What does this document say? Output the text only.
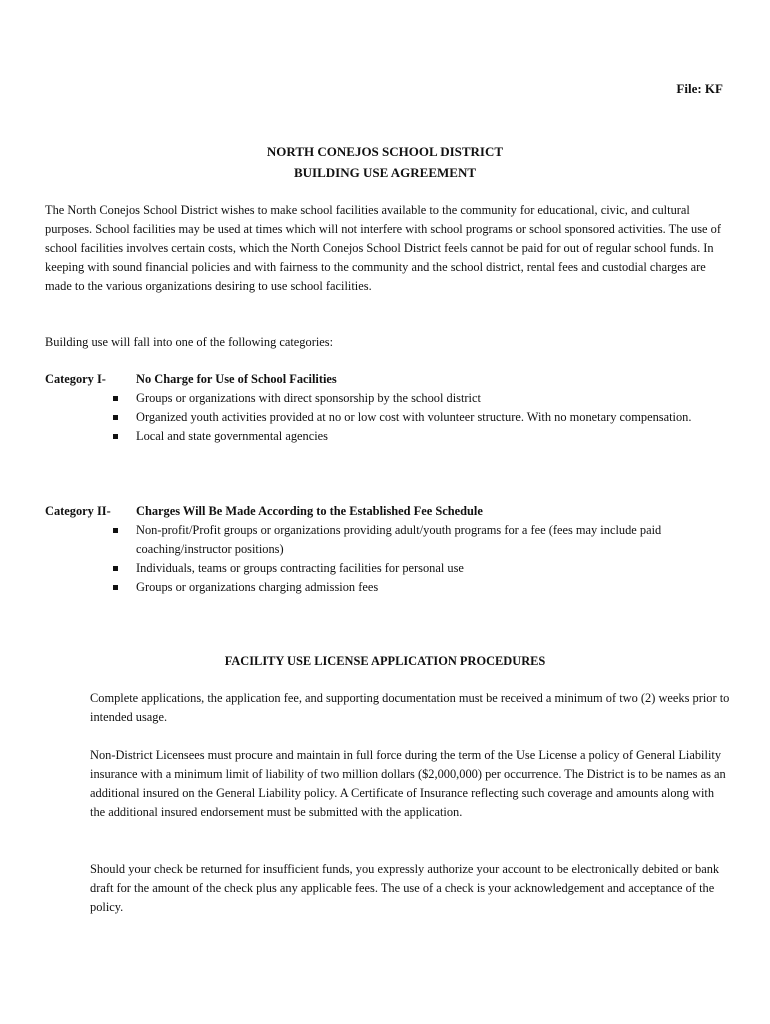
File: KF
NORTH CONEJOS SCHOOL DISTRICT
BUILDING USE AGREEMENT

The North Conejos School District wishes to make school facilities available to the community for educational, civic, and cultural purposes. School facilities may be used at times which will not interfere with school programs or school sponsored activities. The use of school facilities involves certain costs, which the North Conejos School District feels cannot be paid for out of regular school funds. In keeping with sound financial policies and with fairness to the community and the school district, rental fees and custodial charges are made to the various organizations desiring to use school facilities.

Building use will fall into one of the following categories:

Category I- No Charge for Use of School Facilities
Groups or organizations with direct sponsorship by the school district
Organized youth activities provided at no or low cost with volunteer structure. With no monetary compensation.
Local and state governmental agencies
Category II- Charges Will Be Made According to the Established Fee Schedule
Non-profit/Profit groups or organizations providing adult/youth programs for a fee (fees may include paid coaching/instructor positions)
Individuals, teams or groups contracting facilities for personal use
Groups or organizations charging admission fees
FACILITY USE LICENSE APPLICATION PROCEDURES

Complete applications, the application fee, and supporting documentation must be received a minimum of two (2) weeks prior to intended usage.

Non-District Licensees must procure and maintain in full force during the term of the Use License a policy of General Liability insurance with a minimum limit of liability of two million dollars ($2,000,000) per occurrence. The District is to be names as an additional insured on the General Liability policy. A Certificate of Insurance reflecting such coverage and amounts along with the additional insured endorsement must be submitted with the application.

Should your check be returned for insufficient funds, you expressly authorize your account to be electronically debited or bank draft for the amount of the check plus any applicable fees. The use of a check is your acknowledgement and acceptance of the policy.
